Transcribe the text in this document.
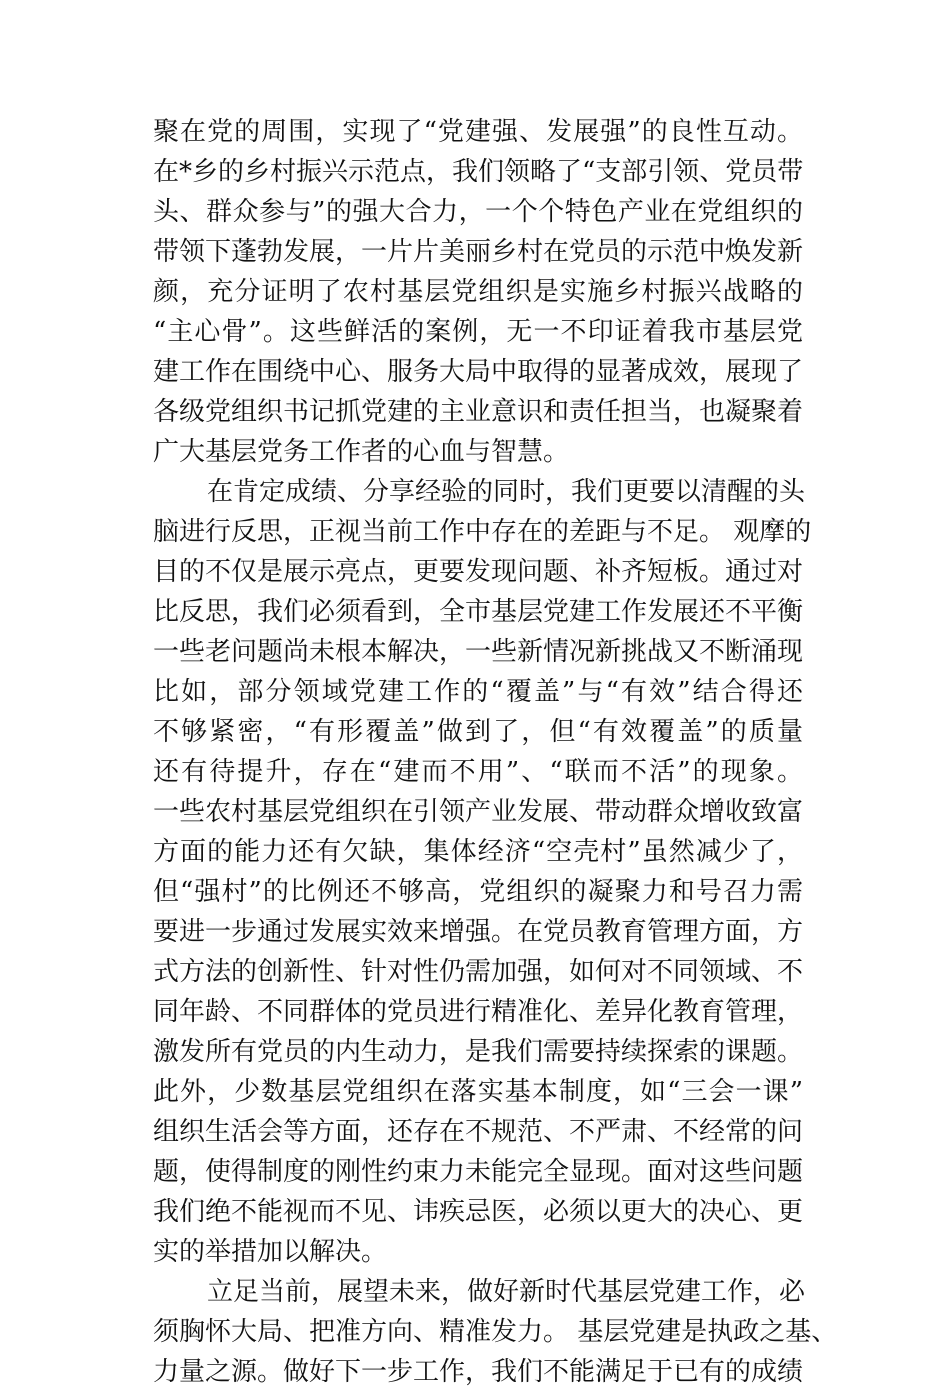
聚在党的周围，实现了“党建强、发展强”的良性互动。
在*乡的乡村振兴示范点，我们领略了“支部引领、党员带
头、群众参与”的强大合力，一个个特色产业在党组织的
带领下蓬勃发展，一片片美丽乡村在党员的示范中焕发新
颜，充分证明了农村基层党组织是实施乡村振兴战略的
“主心骨”。这些鲜活的案例，无一不印证着我市基层党
建工作在围绕中心、服务大局中取得的显著成效，展现了
各级党组织书记抓党建的主业意识和责任担当，也凝聚着
广大基层党务工作者的心血与智慧。
在肯定成绩、分享经验的同时，我们更要以清醒的头
脑进行反思，正视当前工作中存在的差距与不足。 观摩的
目的不仅是展示亮点，更要发现问题、补齐短板。通过对
比反思，我们必须看到，全市基层党建工作发展还不平衡
一些老问题尚未根本解决，一些新情况新挑战又不断涌现
比如，部分领域党建工作的“覆盖”与“有效”结合得还
不够紧密，“有形覆盖”做到了，但“有效覆盖”的质量
还有待提升，存在“建而不用”、“联而不活”的现象。
一些农村基层党组织在引领产业发展、带动群众增收致富
方面的能力还有欠缺，集体经济“空壳村”虽然减少了，
但“强村”的比例还不够高，党组织的凝聚力和号召力需
要进一步通过发展实效来增强。在党员教育管理方面，方
式方法的创新性、针对性仍需加强，如何对不同领域、不
同年龄、不同群体的党员进行精准化、差异化教育管理，
激发所有党员的内生动力，是我们需要持续探索的课题。
此外，少数基层党组织在落实基本制度，如“三会一课”
组织生活会等方面，还存在不规范、不严肃、不经常的问
题，使得制度的刚性约束力未能完全显现。面对这些问题
我们绝不能视而不见、讳疾忌医，必须以更大的决心、更
实的举措加以解决。
立足当前，展望未来，做好新时代基层党建工作，必
须胸怀大局、把准方向、精准发力。 基层党建是执政之基、
力量之源。做好下一步工作，我们不能满足于已有的成绩
